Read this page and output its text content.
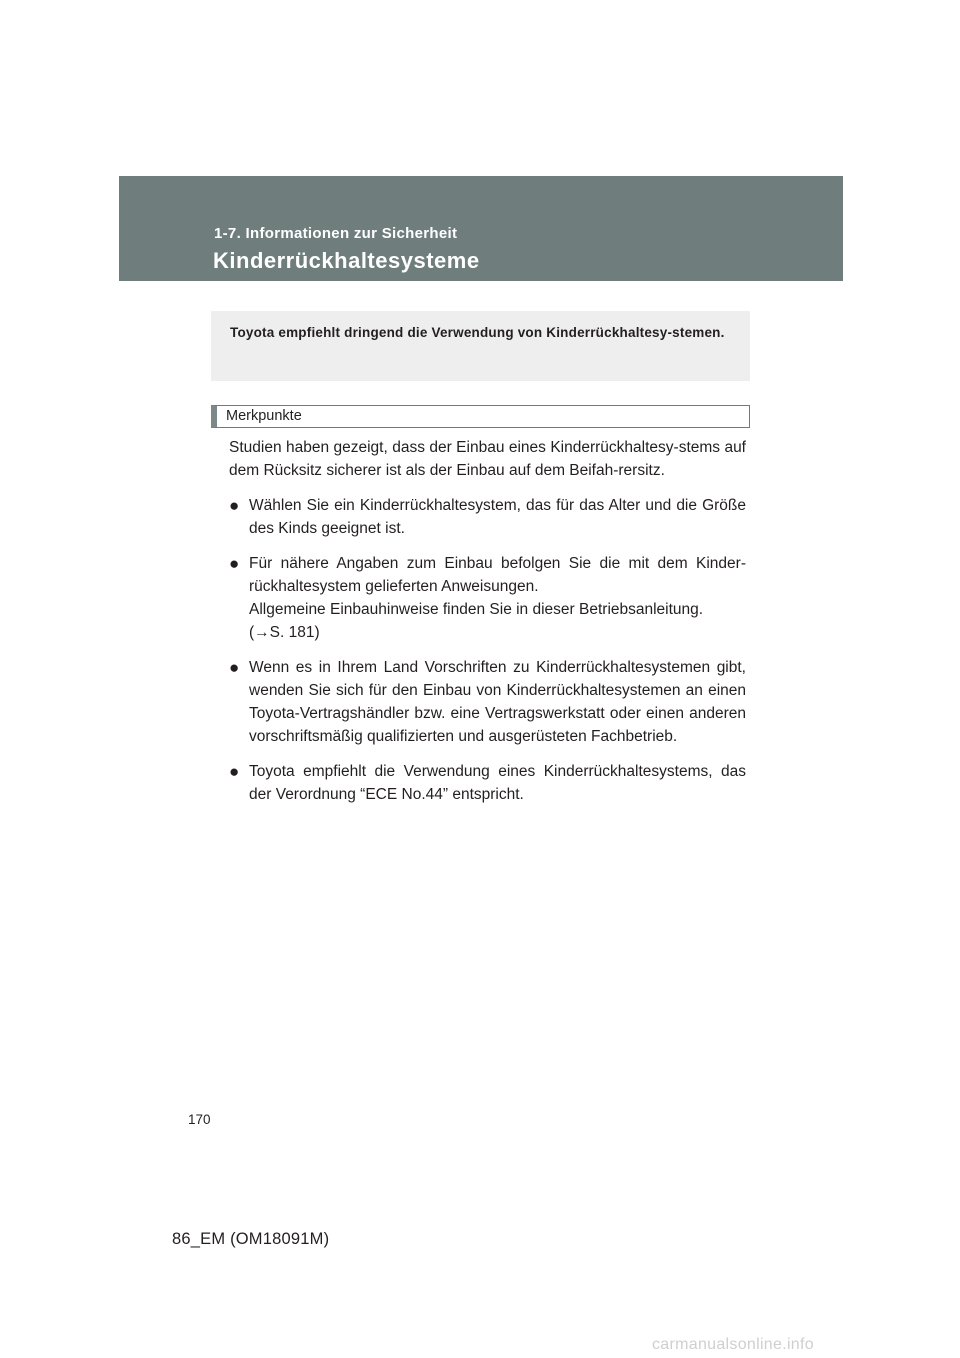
1-7. Informationen zur Sicherheit
Kinderrückhaltesysteme
Toyota empfiehlt dringend die Verwendung von Kinderrückhaltesy-stemen.
Merkpunkte

Studien haben gezeigt, dass der Einbau eines Kinderrückhaltesy-stems auf dem Rücksitz sicherer ist als der Einbau auf dem Beifah-rersitz.

● Wählen Sie ein Kinderrückhaltesystem, das für das Alter und die Größe des Kinds geeignet ist.
● Für nähere Angaben zum Einbau befolgen Sie die mit dem Kinder-rückhaltesystem gelieferten Anweisungen.
Allgemeine Einbauhinweise finden Sie in dieser Betriebsanleitung.
(→S. 181)
● Wenn es in Ihrem Land Vorschriften zu Kinderrückhaltesystemen gibt, wenden Sie sich für den Einbau von Kinderrückhaltesystemen an einen Toyota-Vertragshändler bzw. eine Vertragswerkstatt oder einen anderen vorschriftsmäßig qualifizierten und ausgerüsteten Fachbetrieb.
● Toyota empfiehlt die Verwendung eines Kinderrückhaltesystems, das der Verordnung “ECE No.44” entspricht.
170
86_EM (OM18091M)
carmanualsonline.info
